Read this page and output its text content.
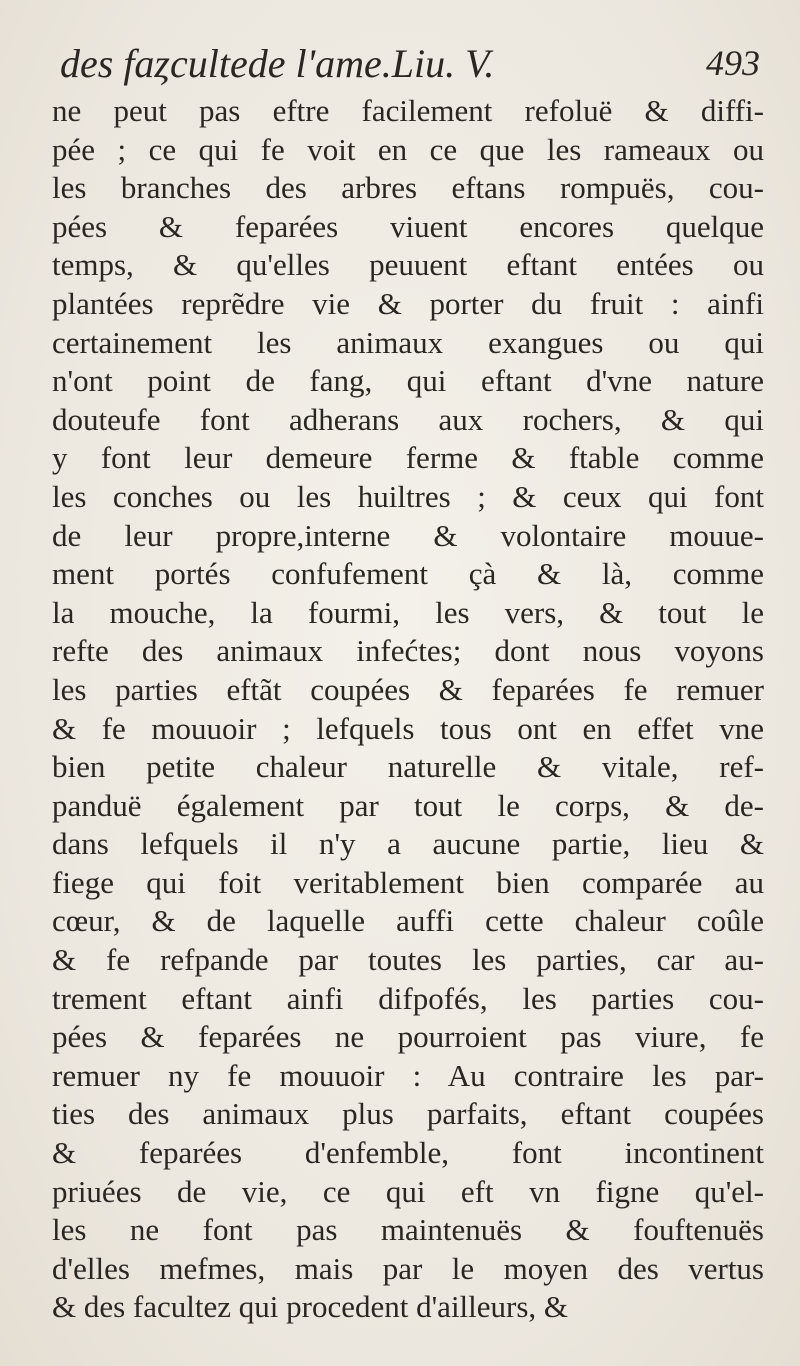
des faȥcultede l'ame.Liu. V.	493
ne peut pas eftre facilement refoluë & diffi-
pée ; ce qui fe voit en ce que les rameaux ou
les branches des arbres eftans rompuës, cou-
pées & feparées viuent encores quelque
temps, & qu'elles peuuent eftant entées ou
plantées reprẽdre vie & porter du fruit : ainfi
certainement les animaux exangues ou qui
n'ont point de fang, qui eftant d'vne nature
douteufe font adherans aux rochers, & qui
y font leur demeure ferme & ftable comme
les conches ou les huiltres ; & ceux qui font
de leur propre,interne & volontaire mouue-
ment portés confufement çà & là, comme
la mouche, la fourmi, les vers, & tout le
refte des animaux infećtes; dont nous voyons
les parties eftãt coupées & feparées fe remuer
& fe mouuoir ; lefquels tous ont en effet vne
bien petite chaleur naturelle & vitale, ref-
panduë également par tout le corps, & de-
dans lefquels il n'y a aucune partie, lieu &
fiege qui foit veritablement bien comparée au
cœur, & de laquelle auffi cette chaleur coûle
& fe refpande par toutes les parties, car au-
trement eftant ainfi difpofés, les parties cou-
pées & feparées ne pourroient pas viure, fe
remuer ny fe mouuoir : Au contraire les par-
ties des animaux plus parfaits, eftant coupées
& feparées d'enfemble, font incontinent
priuées de vie, ce qui eft vn figne qu'el-
les ne font pas maintenuës & fouftenuës
d'elles mefmes, mais par le moyen des vertus
& des facultez qui procedent d'ailleurs, &
